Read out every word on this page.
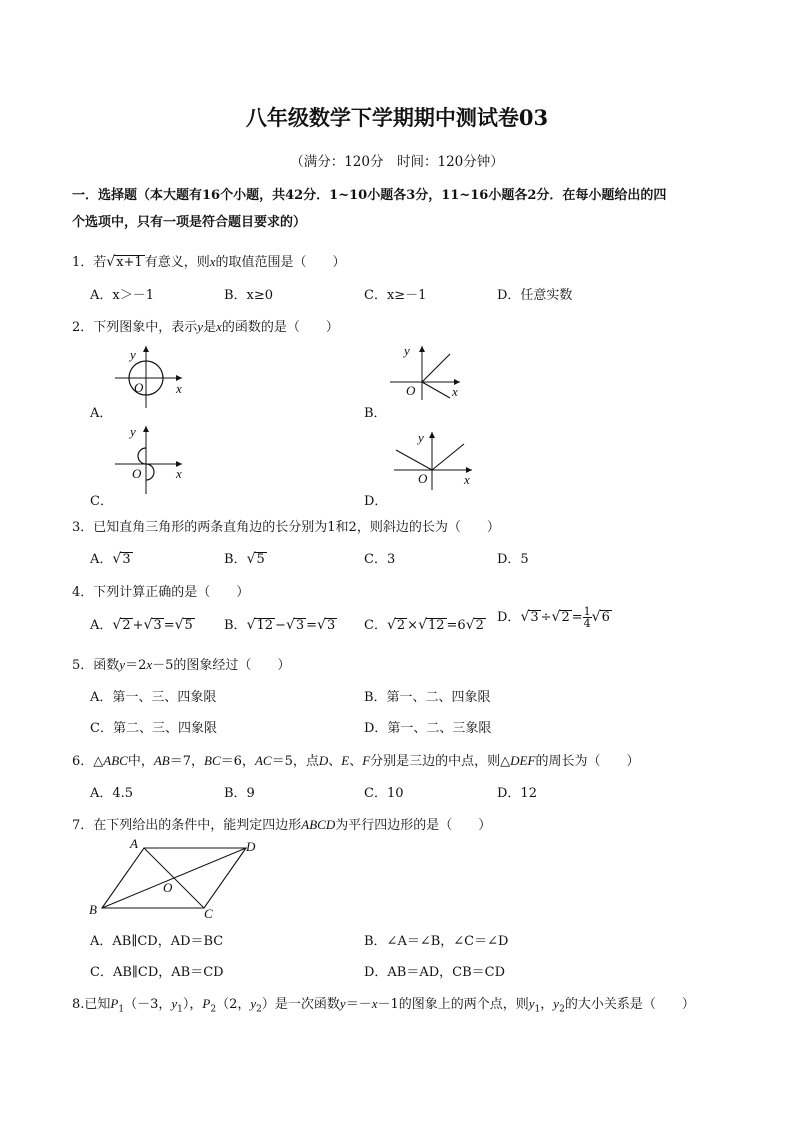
八年级数学下学期期中测试卷03
（满分：120分　时间：120分钟）
一．选择题（本大题有16个小题，共42分．1~10小题各3分，11~16小题各2分．在每小题给出的四
个选项中，只有一项是符合题目要求的）
1．若√x+1 有意义，则x的取值范围是（　　）
A．x＞－1	B．x≥0	C．x≥－1	D．任意实数
2．下列图象中，表示y是x的函数的是（　　）
y
O	x
A．
y
O	x
B．
y
O	x
C．
y
O	x
D．
3．已知直角三角形的两条直角边的长分别为1和2，则斜边的长为（　　）
A．√3	B．√5	C．3	D．5
4．下列计算正确的是（　　）
A．√2 +√3 =√5 B．√12 −√3 =√3 C．√2 ×√12 =6√2
D．$√3 \div√2 = \frac{1}{4} √6$
5．函数y＝2x－5的图象经过（　　）
A．第一、三、四象限	B．第一、二、四象限
C．第二、三、四象限	D．第一、二、三象限
6．△ABC中，AB＝7，BC＝6，AC＝5，点D、E、F分别是三边的中点，则△DEF的周长为（　　）
A．4.5	B．9	C．10	D．12
7．在下列给出的条件中，能判定四边形ABCD为平行四边形的是（　　）
A	D
B	C
O
A．AB∥CD，AD＝BC	B．∠A＝∠B，∠C＝∠D
C．AB∥CD，AB＝CD	D．AB＝AD，CB＝CD
8.已知$P_1(-3$，$y_1$），$P_2(2$，$y_2$）是一次函数y＝－x－1的图象上的两个点，则$y_1$，$y_2$的大小关系是（　　）
